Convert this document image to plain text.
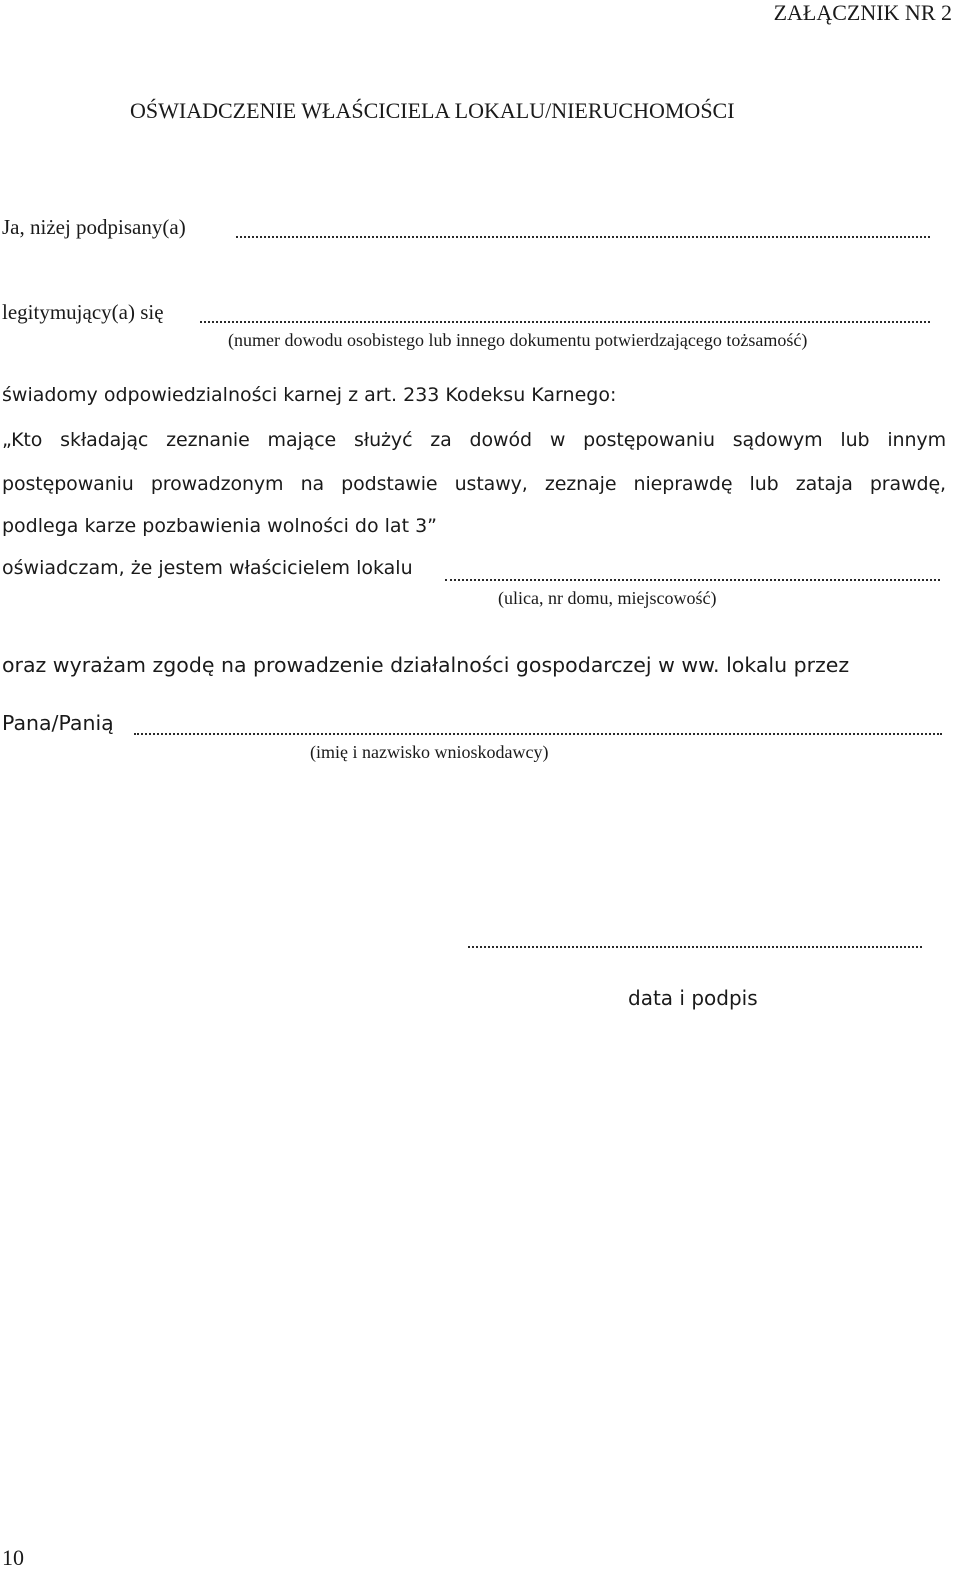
ZAŁĄCZNIK NR 2

OŚWIADCZENIE WŁAŚCICIELA LOKALU/NIERUCHOMOŚCI

Ja, niżej podpisany(a)

legitymujący(a) się

(numer dowodu osobistego lub innego dokumentu potwierdzającego tożsamość)

świadomy odpowiedzialności karnej z art. 233 Kodeksu Karnego:

„Kto składając zeznanie mające służyć za dowód w postępowaniu sądowym lub innym

postępowaniu prowadzonym na podstawie ustawy, zeznaje nieprawdę lub zataja prawdę,

podlega karze pozbawienia wolności do lat 3”

oświadczam, że jestem właścicielem lokalu

(ulica, nr domu, miejscowość)

oraz wyrażam zgodę na prowadzenie działalności gospodarczej w ww. lokalu przez

Pana/Panią

(imię i nazwisko wnioskodawcy)

data i podpis

10
